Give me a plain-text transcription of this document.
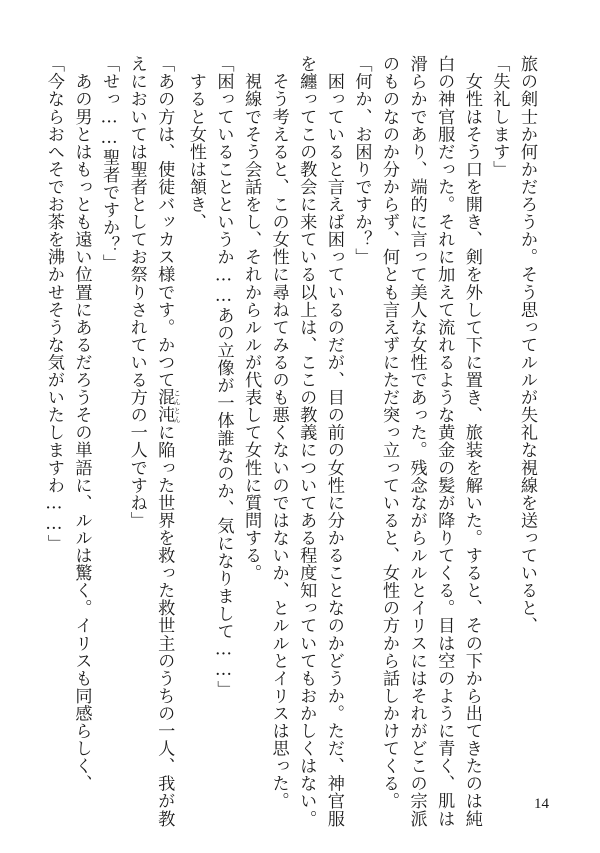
旅の剣士か何かだろうか。そう思ってルルが失礼な視線を送っていると、
「失礼します」
　女性はそう口を開き、剣を外して下に置き、旅装を解いた。すると、その下から出てきたのは純
白の神官服だった。それに加えて流れるような黄金の髪が降りてくる。目は空のように青く、肌は
滑らかであり、端的に言って美人な女性であった。残念ながらルルとイリスにはそれがどこの宗派
のものなのか分からず、何とも言えずにただ突っ立っていると、女性の方から話しかけてくる。
「何か、お困りですか？」
　困っていると言えば困っているのだが、目の前の女性に分かることなのかどうか。ただ、神官服
を纏ってこの教会に来ている以上は、ここの教義についてある程度知っていてもおかしくはない。
　そう考えると、この女性に尋ねてみるのも悪くないのではないか、とルルとイリスは思った。
　視線でそう会話をし、それからルルが代表して女性に質問する。
「困っていることというか……あの立像が一体誰なのか、気になりまして……」
　すると女性は頷き、
「あの方は、使徒バッカス様です。かつて混沌 こんとんに陥った世界を救った救世主のうちの一人、我が教
えにおいては聖者としてお祭りされている方の一人ですね」
「せっ……聖者ですか？」
　あの男とはもっとも遠い位置にあるだろうその単語に、ルルは驚く。イリスも同感らしく、
「今ならおへそでお茶を沸かせそうな気がいたしますわ……」
14
